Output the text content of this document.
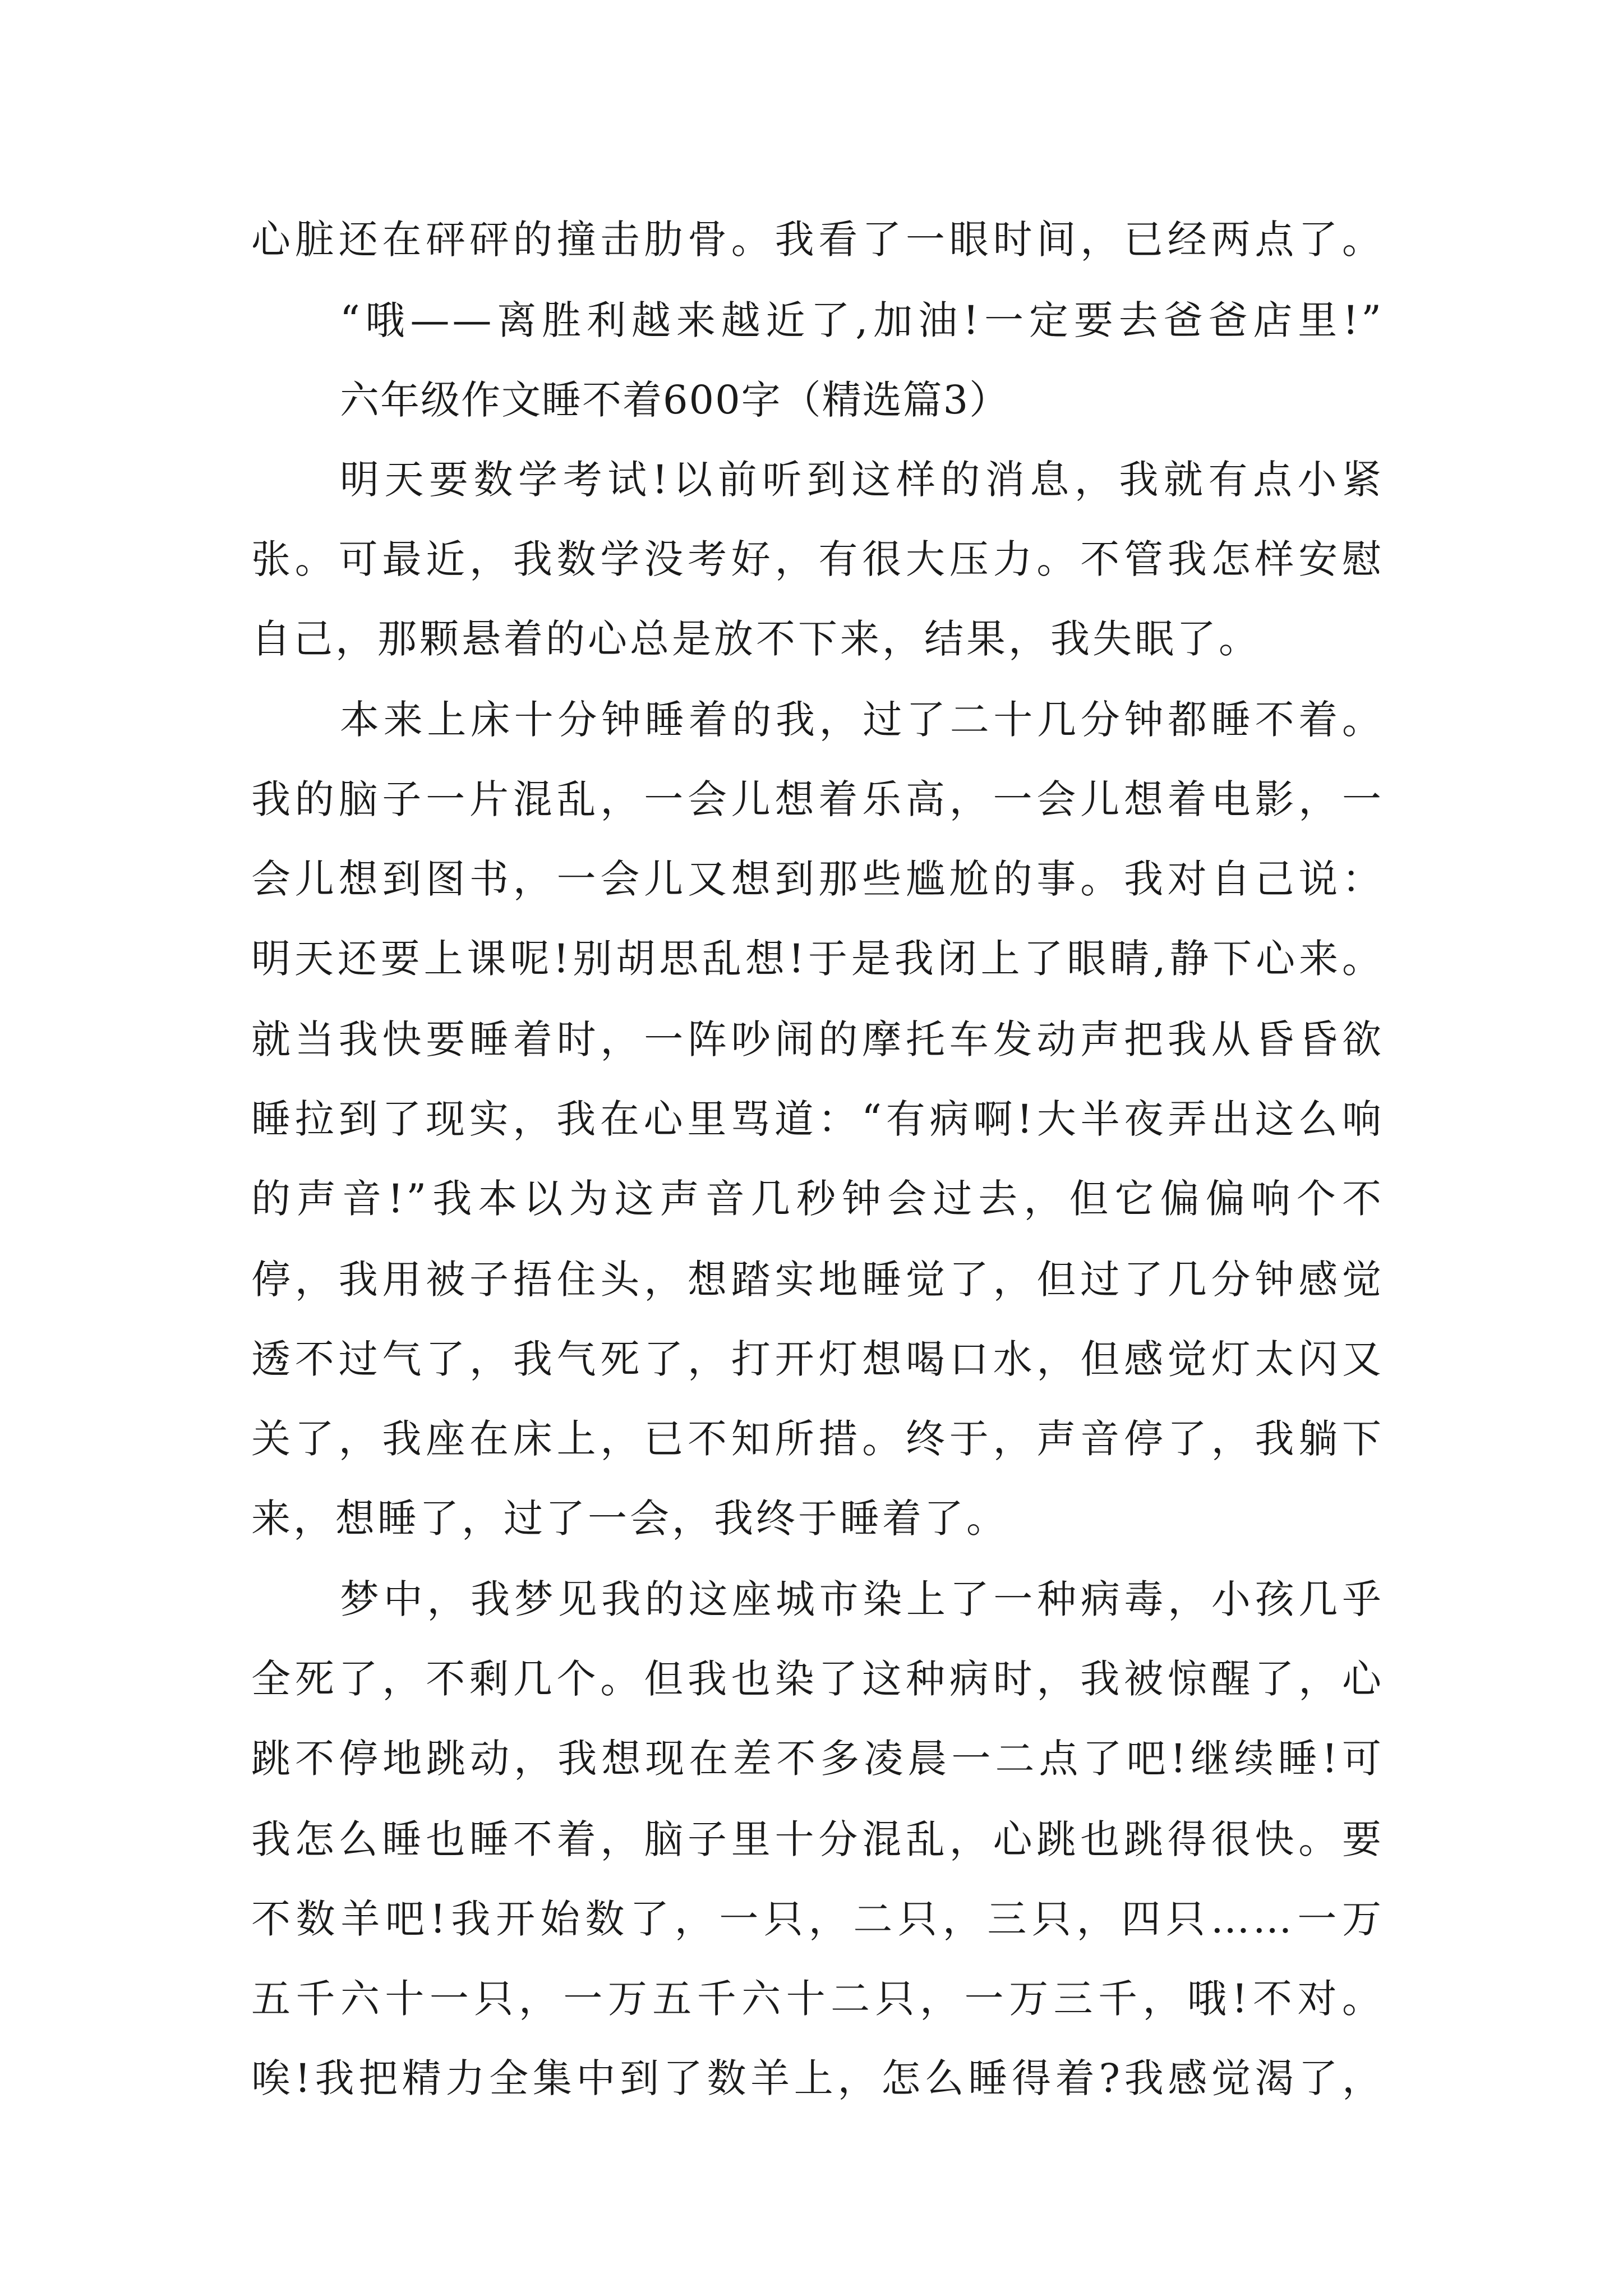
心脏还在砰砰的撞击肋骨。我看了一眼时间，已经两点了。
“哦——离胜利越来越近了,加油!一定要去爸爸店里!”
六年级作文睡不着600字（精选篇3）
明天要数学考试!以前听到这样的消息，我就有点小紧
张。可最近，我数学没考好，有很大压力。不管我怎样安慰
自己，那颗悬着的心总是放不下来，结果，我失眠了。
本来上床十分钟睡着的我，过了二十几分钟都睡不着。
我的脑子一片混乱，一会儿想着乐高，一会儿想着电影，一
会儿想到图书，一会儿又想到那些尴尬的事。我对自己说：
明天还要上课呢!别胡思乱想!于是我闭上了眼睛,静下心来。
就当我快要睡着时，一阵吵闹的摩托车发动声把我从昏昏欲
睡拉到了现实，我在心里骂道：“有病啊!大半夜弄出这么响
的声音!”我本以为这声音几秒钟会过去，但它偏偏响个不
停，我用被子捂住头，想踏实地睡觉了，但过了几分钟感觉
透不过气了，我气死了，打开灯想喝口水，但感觉灯太闪又
关了，我座在床上，已不知所措。终于，声音停了，我躺下
来，想睡了，过了一会，我终于睡着了。
梦中，我梦见我的这座城市染上了一种病毒，小孩几乎
全死了，不剩几个。但我也染了这种病时，我被惊醒了，心
跳不停地跳动，我想现在差不多凌晨一二点了吧!继续睡!可
我怎么睡也睡不着，脑子里十分混乱，心跳也跳得很快。要
不数羊吧!我开始数了，一只，二只，三只，四只……一万
五千六十一只，一万五千六十二只，一万三千，哦!不对。
唉!我把精力全集中到了数羊上，怎么睡得着?我感觉渴了，
